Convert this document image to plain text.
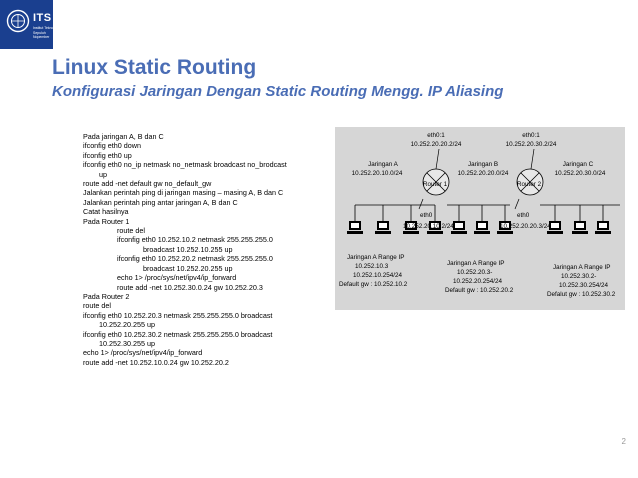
ITS
Institut Teknologi Sepuluh Nopember
Linux Static Routing
Konfigurasi Jaringan Dengan Static Routing Mengg. IP Aliasing
Pada jaringan A, B dan C
ifconfig eth0 down
ifconfig eth0 up
ifconfig eth0 no_ip netmask no_netmask broadcast no_brodcast
up
route add -net default gw no_default_gw
Jalankan perintah ping di jaringan masing – masing A, B dan C
Jalankan perintah ping antar jaringan A, B dan C
Catat hasilnya
Pada Router 1
route del
ifconfig eth0 10.252.10.2 netmask 255.255.255.0
broadcast 10.252.10.255 up
ifconfig eth0 10.252.20.2 netmask 255.255.255.0
broadcast 10.252.20.255 up
echo 1> /proc/sys/net/ipv4/ip_forward
route add -net 10.252.30.0.24 gw 10.252.20.3
Pada Router 2
route del
ifconfig eth0 10.252.20.3 netmask 255.255.255.0 broadcast
10.252.20.255 up
ifconfig eth0 10.252.30.2 netmask 255.255.255.0 broadcast
10.252.30.255 up
echo 1> /proc/sys/net/ipv4/ip_forward
route add -net 10.252.10.0.24 gw 10.252.20.2
eth0:1
10.252.20.20.2/24
eth0:1
10.252.20.30.2/24
Jaringan A
10.252.20.10.0/24
Jaringan B
10.252.20.20.0/24
Jaringan C
10.252.20.30.0/24
Router 1	Router 2
eth0
10.252.20.10.2/24
eth0
10.252.20.20.3/24
Jaringan A Range IP
10.252.10.3
10.252.10.254/24
Default gw : 10.252.10.2
Jaringan A Range IP
10.252.20.3-
10.252.20.254/24
Default gw : 10.252.20.2
Jaringan A Range IP
10.252.30.2-
10.252.30.254/24
Defalut gw : 10.252.30.2
2
